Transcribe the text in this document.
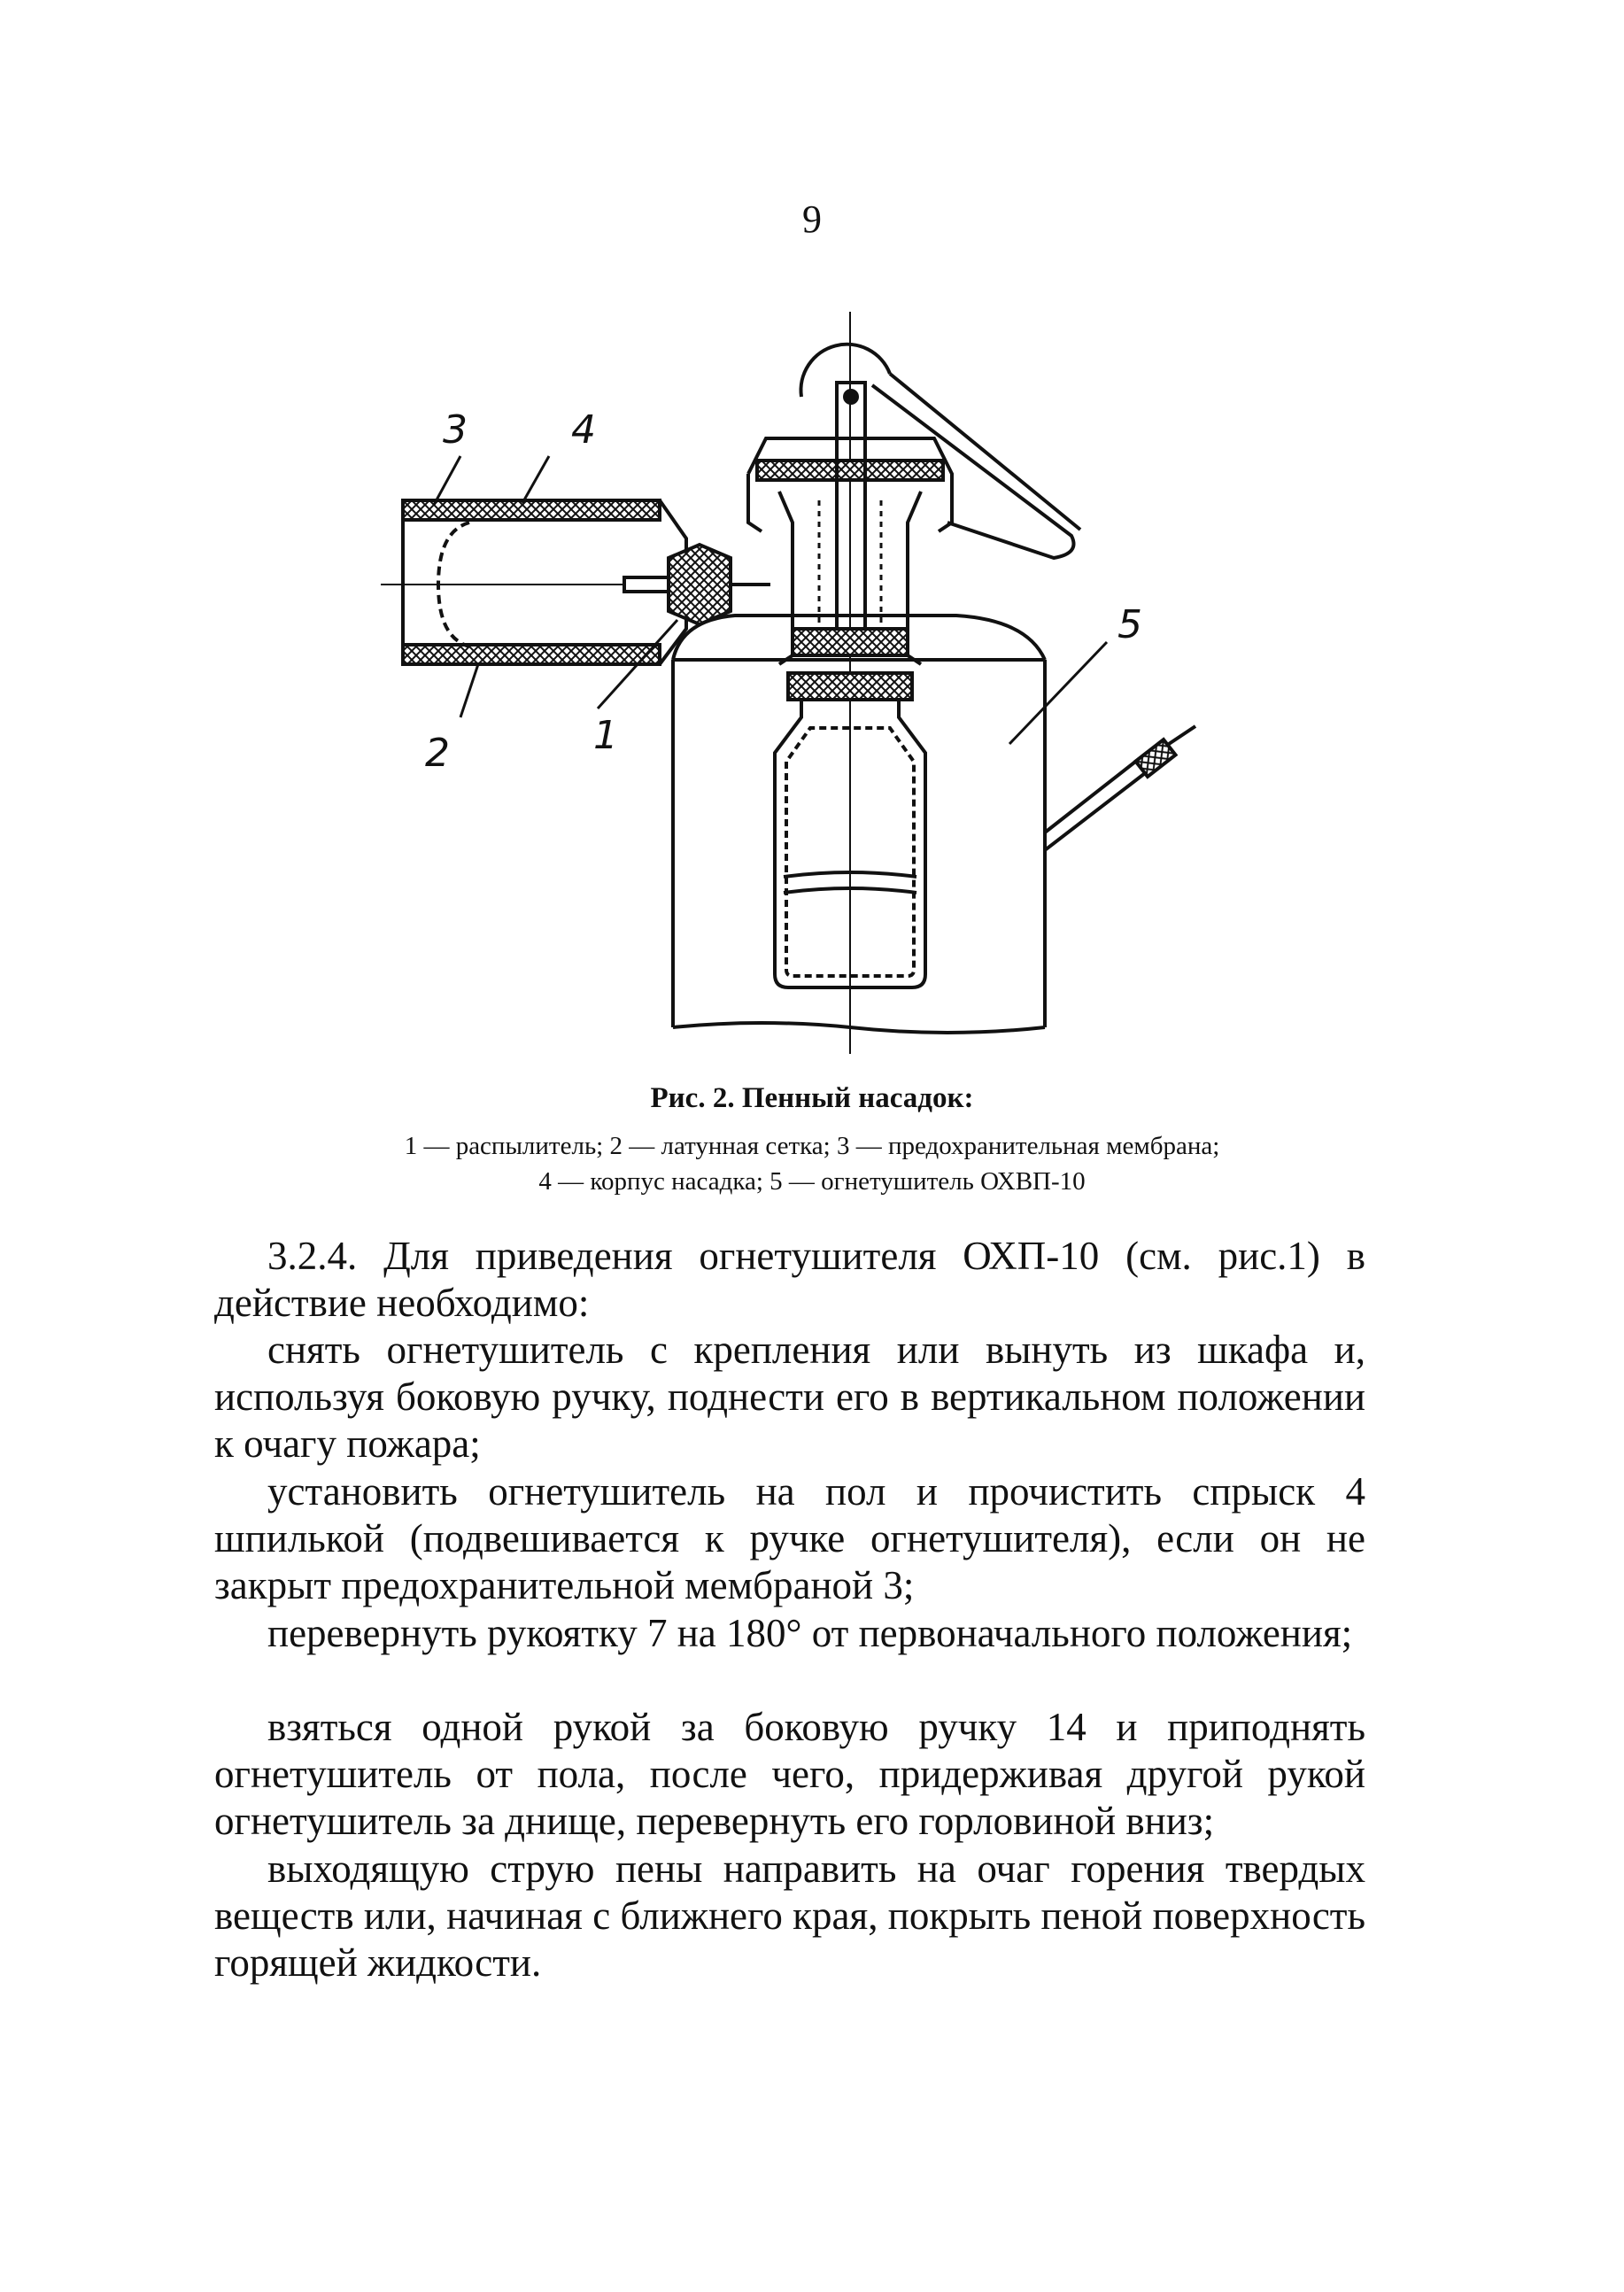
9
3	4
2	1
5
Рис. 2. Пенный насадок:
1 — распылитель; 2 — латунная сетка; 3 — предохранительная мембрана;
4 — корпус насадка; 5 — огнетушитель ОХВП-10

3.2.4. Для приведения огнетушителя ОХП-10 (см. рис.1) в действие необходимо:

снять огнетушитель с крепления или вынуть из шкафа и, используя боковую ручку, поднести его в вертикальном положении к очагу пожара;

установить огнетушитель на пол и прочистить спрыск 4 шпилькой (подвешивается к ручке огнетушителя), если он не закрыт предохранительной мембраной 3;

перевернуть рукоятку 7 на 180° от первоначального положения;

взяться одной рукой за боковую ручку 14 и приподнять огнетушитель от пола, после чего, придерживая другой рукой огнетушитель за днище, перевернуть его горловиной вниз;

выходящую струю пены направить на очаг горения твердых веществ или, начиная с ближнего края, покрыть пеной поверхность горящей жидкости.
